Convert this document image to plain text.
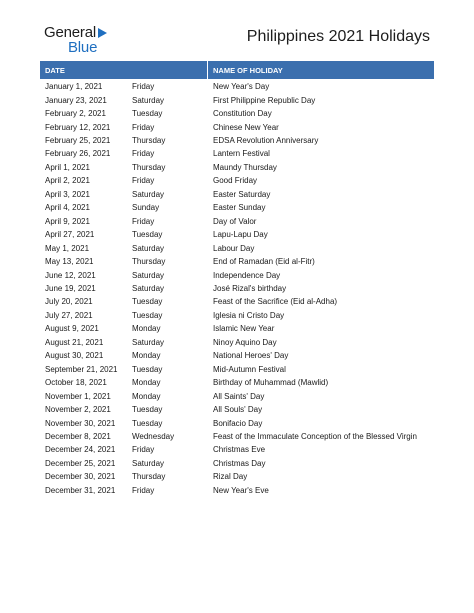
General
Blue
Philippines 2021 Holidays
DATE	NAME OF HOLIDAY
January 1, 2021	Friday	New Year's Day
January 23, 2021	Saturday	First Philippine Republic Day
February 2, 2021	Tuesday	Constitution Day
February 12, 2021	Friday	Chinese New Year
February 25, 2021	Thursday	EDSA Revolution Anniversary
February 26, 2021	Friday	Lantern Festival
April 1, 2021	Thursday	Maundy Thursday
April 2, 2021	Friday	Good Friday
April 3, 2021	Saturday	Easter Saturday
April 4, 2021	Sunday	Easter Sunday
April 9, 2021	Friday	Day of Valor
April 27, 2021	Tuesday	Lapu-Lapu Day
May 1, 2021	Saturday	Labour Day
May 13, 2021	Thursday	End of Ramadan (Eid al-Fitr)
June 12, 2021	Saturday	Independence Day
June 19, 2021	Saturday	José Rizal's birthday
July 20, 2021	Tuesday	Feast of the Sacrifice (Eid al-Adha)
July 27, 2021	Tuesday	Iglesia ni Cristo Day
August 9, 2021	Monday	Islamic New Year
August 21, 2021	Saturday	Ninoy Aquino Day
August 30, 2021	Monday	National Heroes' Day
September 21, 2021	Tuesday	Mid-Autumn Festival
October 18, 2021	Monday	Birthday of Muhammad (Mawlid)
November 1, 2021	Monday	All Saints' Day
November 2, 2021	Tuesday	All Souls' Day
November 30, 2021	Tuesday	Bonifacio Day
December 8, 2021	Wednesday	Feast of the Immaculate Conception of the Blessed Virgin
December 24, 2021	Friday	Christmas Eve
December 25, 2021	Saturday	Christmas Day
December 30, 2021	Thursday	Rizal Day
December 31, 2021	Friday	New Year's Eve
